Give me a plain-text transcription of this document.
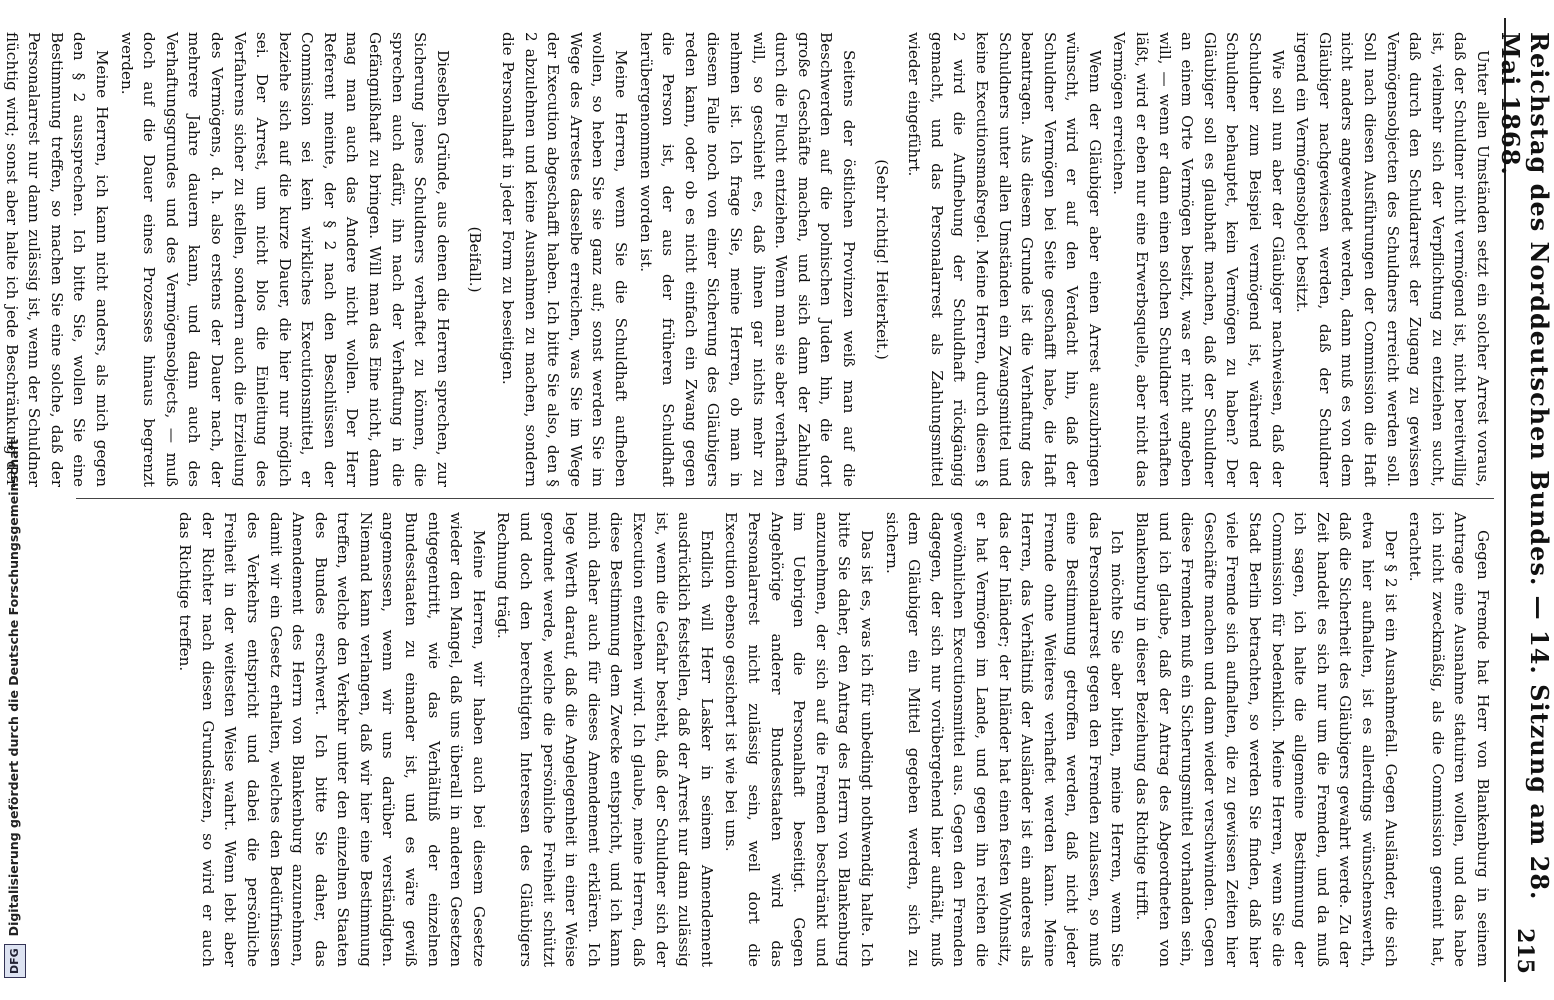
DFGDigitalisierung gefördert durch die Deutsche Forschungsgemeinschaft	Reichstag des Norddeutschen Bundes. — 14. Sitzung am 28. Mai 1868.
215

Unter allen Umständen setzt ein solcher Arrest voraus, daß der Schuldner nicht vermögend ist, nicht bereitwillig ist, vielmehr sich der Verpflichtung zu entziehen sucht, daß durch den Schuldarrest der Zugang zu gewissen Vermögensobjecten des Schuldners erreicht werden soll. Soll nach diesen Ausführungen der Commission die Haft nicht anders angewendet werden, dann muß es von dem Gläubiger nachgewiesen werden, daß der Schuldner irgend ein Vermögensobject besitzt.

Wie soll nun aber der Gläubiger nachweisen, daß der Schuldner zum Beispiel vermögend ist, während der Schuldner behauptet, kein Vermögen zu haben? Der Gläubiger soll es glaubhaft machen, daß der Schuldner an einem Orte Vermögen besitzt, was er nicht angeben will, — wenn er dann einen solchen Schuldner verhaften läßt, wird er eben nur eine Erwerbsquelle, aber nicht das Vermögen erreichen.

Wenn der Gläubiger aber einen Arrest auszubringen wünscht, wird er auf den Verdacht hin, daß der Schuldner Vermögen bei Seite geschafft habe, die Haft beantragen. Aus diesem Grunde ist die Verhaftung des Schuldners unter allen Umständen ein Zwangsmittel und keine Executionsmaßregel. Meine Herren, durch diesen § 2 wird die Aufhebung der Schuldhaft rückgängig gemacht, und das Personalarrest als Zahlungsmittel wieder eingeführt.

(Sehr richtig! Heiterkeit.)

Seitens der östlichen Provinzen weiß man auf die Beschwerden auf die polnischen Juden hin, die dort große Geschäfte machen, und sich dann der Zahlung durch die Flucht entziehen. Wenn man sie aber verhaften will, so geschieht es, daß ihnen gar nichts mehr zu nehmen ist. Ich frage Sie, meine Herren, ob man in diesem Falle noch von einer Sicherung des Gläubigers reden kann, oder ob es nicht einfach ein Zwang gegen die Person ist, der aus der früheren Schuldhaft herübergenommen worden ist.

Meine Herren, wenn Sie die Schuldhaft aufheben wollen, so heben Sie sie ganz auf; sonst werden Sie im Wege des Arrestes dasselbe erreichen, was Sie im Wege der Execution abgeschafft haben. Ich bitte Sie also, den § 2 abzulehnen und keine Ausnahmen zu machen, sondern die Personalhaft in jeder Form zu beseitigen.

(Beifall.)

Dieselben Gründe, aus denen die Herren sprechen, zur Sicherung jenes Schuldners verhaftet zu können, die sprechen auch dafür, ihn nach der Verhaftung in die Gefängnißhaft zu bringen. Will man das Eine nicht, dann mag man auch das Andere nicht wollen. Der Herr Referent meinte, der § 2 nach den Beschlüssen der Commission sei kein wirkliches Executionsmittel, er beziehe sich auf die kurze Dauer, die hier nur möglich sei. Der Arrest, um nicht blos die Einleitung des Verfahrens sicher zu stellen, sondern auch die Erzielung des Vermögens, d. h. also erstens der Dauer nach, der mehrere Jahre dauern kann, und dann auch des Verhaftungsgrundes und des Vermögensobjects, — muß doch auf die Dauer eines Prozesses hinaus begrenzt werden.

Meine Herren, ich kann nicht anders, als mich gegen den § 2 aussprechen. Ich bitte Sie, wollen Sie eine Bestimmung treffen, so machen Sie eine solche, daß der Personalarrest nur dann zulässig ist, wenn der Schuldner flüchtig wird; sonst aber halte ich jede Beschränkung der

Gegen Fremde hat Herr von Blankenburg in seinem Antrage eine Ausnahme statuiren wollen, und das habe ich nicht zweckmäßig, als die Commission gemeint hat, erachtet.

Der § 2 ist ein Ausnahmefall. Gegen Ausländer, die sich etwa hier aufhalten, ist es allerdings wünschenswerth, daß die Sicherheit des Gläubigers gewahrt werde. Zu der Zeit handelt es sich nur um die Fremden, und da muß ich sagen, ich halte die allgemeine Bestimmung der Commission für bedenklich. Meine Herren, wenn Sie die Stadt Berlin betrachten, so werden Sie finden, daß hier viele Fremde sich aufhalten, die zu gewissen Zeiten hier Geschäfte machen und dann wieder verschwinden. Gegen diese Fremden muß ein Sicherungsmittel vorhanden sein, und ich glaube, daß der Antrag des Abgeordneten von Blankenburg in dieser Beziehung das Richtige trifft.

Ich möchte Sie aber bitten, meine Herren, wenn Sie das Personalarrest gegen den Fremden zulassen, so muß eine Bestimmung getroffen werden, daß nicht jeder Fremde ohne Weiteres verhaftet werden kann. Meine Herren, das Verhältniß der Ausländer ist ein anderes als das der Inländer; der Inländer hat einen festen Wohnsitz, er hat Vermögen im Lande, und gegen ihn reichen die gewöhnlichen Executionsmittel aus. Gegen den Fremden dagegen, der sich nur vorübergehend hier aufhält, muß dem Gläubiger ein Mittel gegeben werden, sich zu sichern.

Das ist es, was ich für unbedingt nothwendig halte. Ich bitte Sie daher, den Antrag des Herrn von Blankenburg anzunehmen, der sich auf die Fremden beschränkt und im Uebrigen die Personalhaft beseitigt. Gegen Angehörige anderer Bundesstaaten wird das Personalarrest nicht zulässig sein, weil dort die Execution ebenso gesichert ist wie bei uns.

Endlich will Herr Lasker in seinem Amendement ausdrücklich feststellen, daß der Arrest nur dann zulässig ist, wenn die Gefahr besteht, daß der Schuldner sich der Execution entziehen wird. Ich glaube, meine Herren, daß diese Bestimmung dem Zwecke entspricht, und ich kann mich daher auch für dieses Amendement erklären. Ich lege Werth darauf, daß die Angelegenheit in einer Weise geordnet werde, welche die persönliche Freiheit schützt und doch den berechtigten Interessen des Gläubigers Rechnung trägt.

Meine Herren, wir haben auch bei diesem Gesetze wieder den Mangel, daß uns überall in anderen Gesetzen entgegentritt, wie das Verhältniß der einzelnen Bundesstaaten zu einander ist, und es wäre gewiß angemessen, wenn wir uns darüber verständigten. Niemand kann verlangen, daß wir hier eine Bestimmung treffen, welche den Verkehr unter den einzelnen Staaten des Bundes erschwert. Ich bitte Sie daher, das Amendement des Herrn von Blankenburg anzunehmen, damit wir ein Gesetz erhalten, welches den Bedürfnissen des Verkehrs entspricht und dabei die persönliche Freiheit in der weitesten Weise wahrt. Wenn lebt aber der Richter nach diesen Grundsätzen, so wird er auch das Richtige treffen.
